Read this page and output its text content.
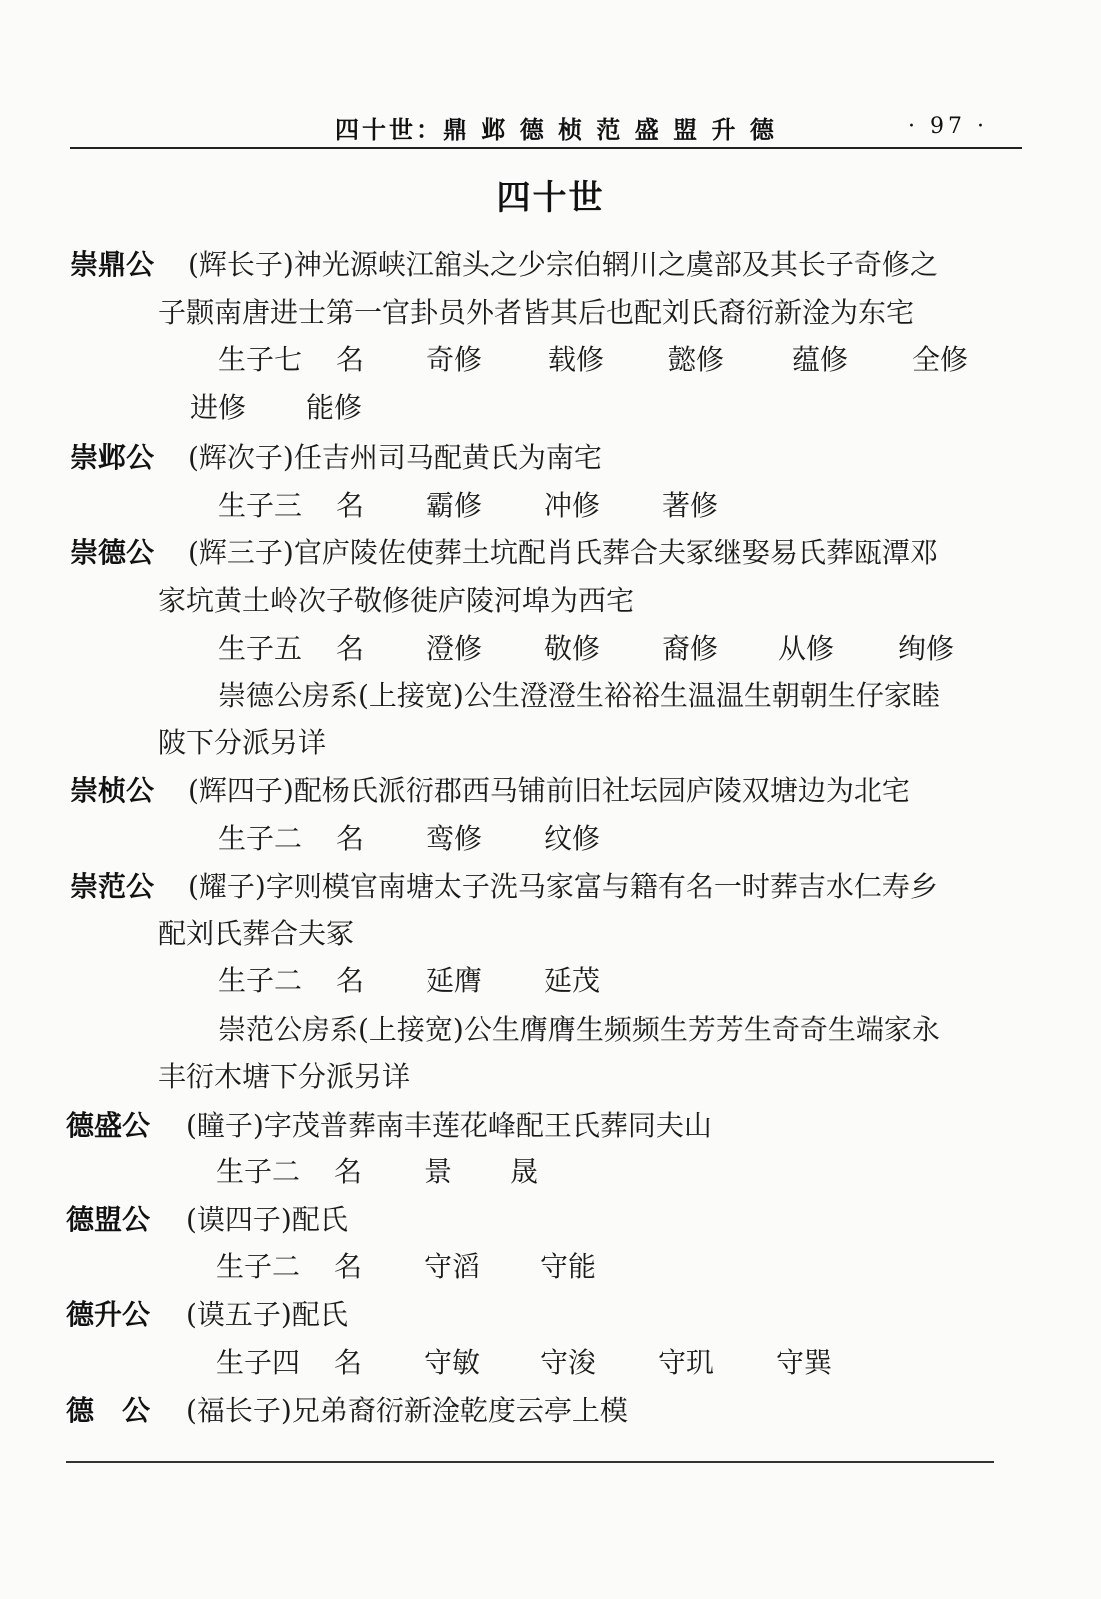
四十世：鼎 邺 德 桢 范 盛 盟 升 德	· 97 ·
四十世
崇鼎公 (辉长子)神光源峡江舘头之少宗伯辋川之虞部及其长子奇修之
子颢南唐进士第一官卦员外者皆其后也配刘氏裔衍新淦为东宅
生子七 名 奇修 载修 懿修 蕴修 全修
进修 能修
崇邺公 (辉次子)任吉州司马配黄氏为南宅
生子三 名 霸修 冲修 著修
崇德公 (辉三子)官庐陵佐使葬土坑配肖氏葬合夫冢继娶易氏葬瓯潭邓
家坑黄土岭次子敬修徙庐陵河埠为西宅
生子五 名 澄修 敬修 裔修 从修 绚修
崇德公房系(上接宽)公生澄澄生裕裕生温温生朝朝生仔家睦
陂下分派另详
崇桢公 (辉四子)配杨氏派衍郡西马铺前旧社坛园庐陵双塘边为北宅
生子二 名 鸾修 纹修
崇范公 (耀子)字则模官南塘太子洗马家富与籍有名一时葬吉水仁寿乡
配刘氏葬合夫冢
生子二 名 延膺 延茂
崇范公房系(上接宽)公生膺膺生频频生芳芳生奇奇生端家永
丰衍木塘下分派另详
德盛公 (瞳子)字茂普葬南丰莲花峰配王氏葬同夫山
生子二 名 景 晟
德盟公 (谟四子)配氏
生子二 名 守滔 守能
德升公 (谟五子)配氏
生子四 名 守敏 守浚 守玑 守巽
德　公 (福长子)兄弟裔衍新淦乾度云亭上模
